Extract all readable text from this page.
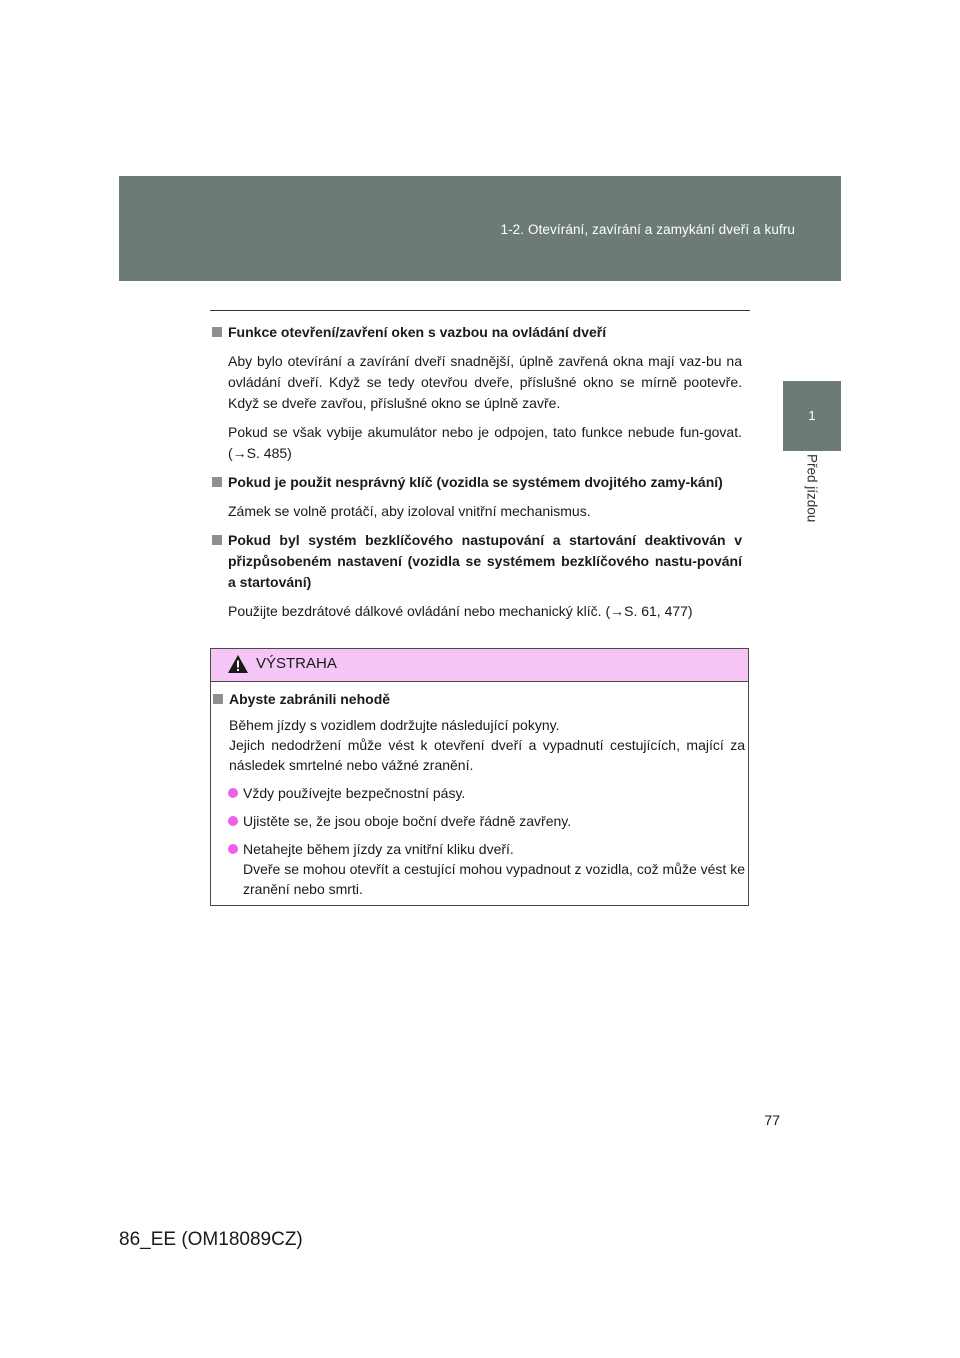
1-2. Otevírání, zavírání a zamykání dveří a kufru
1
Před jízdou
Funkce otevření/zavření oken s vazbou na ovládání dveří
Aby bylo otevírání a zavírání dveří snadnější, úplně zavřená okna mají vaz-bu na ovládání dveří. Když se tedy otevřou dveře, příslušné okno se mírně pootevře. Když se dveře zavřou, příslušné okno se úplně zavře.
Pokud se však vybije akumulátor nebo je odpojen, tato funkce nebude fun-govat. (→S. 485)
Pokud je použit nesprávný klíč (vozidla se systémem dvojitého zamy-kání)
Zámek se volně protáčí, aby izoloval vnitřní mechanismus.
Pokud byl systém bezklíčového nastupování a startování deaktivován v přizpůsobeném nastavení (vozidla se systémem bezklíčového nastu-pování a startování)
Použijte bezdrátové dálkové ovládání nebo mechanický klíč. (→S. 61, 477)
VÝSTRAHA
Abyste zabránili nehodě
Během jízdy s vozidlem dodržujte následující pokyny.
Jejich nedodržení může vést k otevření dveří a vypadnutí cestujících, mající za následek smrtelné nebo vážné zranění.
Vždy používejte bezpečnostní pásy.
Ujistěte se, že jsou oboje boční dveře řádně zavřeny.
Netahejte během jízdy za vnitřní kliku dveří.
Dveře se mohou otevřít a cestující mohou vypadnout z vozidla, což může vést ke zranění nebo smrti.
77
86_EE (OM18089CZ)
